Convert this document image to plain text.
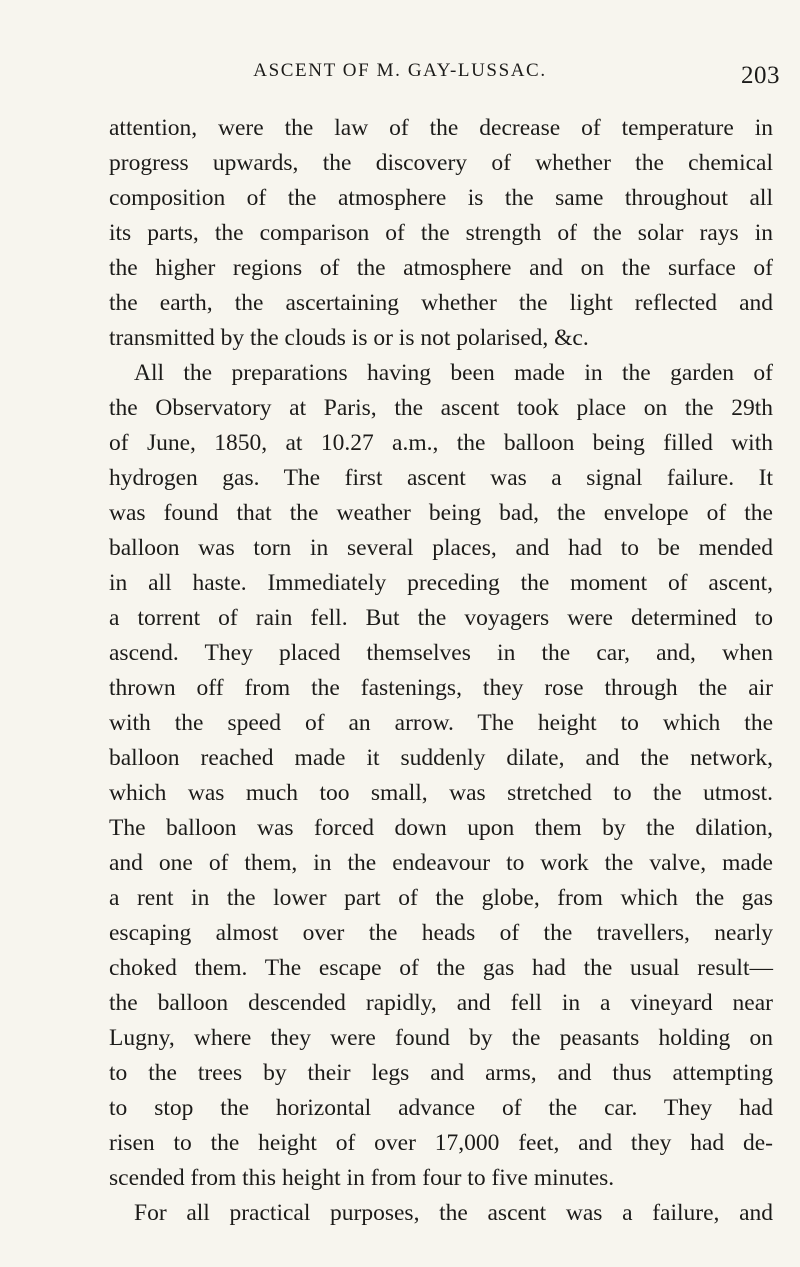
ASCENT OF M. GAY-LUSSAC.	203
attention, were the law of the decrease of temperature in
progress upwards, the discovery of whether the chemical
composition of the atmosphere is the same throughout all
its parts, the comparison of the strength of the solar rays in
the higher regions of the atmosphere and on the surface of
the earth, the ascertaining whether the light reflected and
transmitted by the clouds is or is not polarised, &c.
All the preparations having been made in the garden of
the Observatory at Paris, the ascent took place on the 29th
of June, 1850, at 10.27 a.m., the balloon being filled with
hydrogen gas. The first ascent was a signal failure. It
was found that the weather being bad, the envelope of the
balloon was torn in several places, and had to be mended
in all haste. Immediately preceding the moment of ascent,
a torrent of rain fell. But the voyagers were determined to
ascend. They placed themselves in the car, and, when
thrown off from the fastenings, they rose through the air
with the speed of an arrow. The height to which the
balloon reached made it suddenly dilate, and the network,
which was much too small, was stretched to the utmost.
The balloon was forced down upon them by the dilation,
and one of them, in the endeavour to work the valve, made
a rent in the lower part of the globe, from which the gas
escaping almost over the heads of the travellers, nearly
choked them. The escape of the gas had the usual result—
the balloon descended rapidly, and fell in a vineyard near
Lugny, where they were found by the peasants holding on
to the trees by their legs and arms, and thus attempting
to stop the horizontal advance of the car. They had
risen to the height of over 17,000 feet, and they had de-
scended from this height in from four to five minutes.
For all practical purposes, the ascent was a failure, and
